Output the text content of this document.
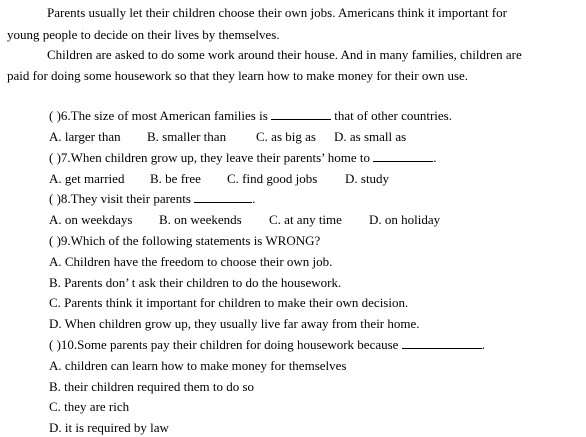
Parents usually let their children choose their own jobs. Americans think it important for
young people to decide on their lives by themselves.
Children are asked to do some work around their house. And in many families, children are
paid for doing some housework so that they learn how to make money for their own use.
( )6.The size of most American families is	that of other countries.
A. larger than B. smaller than C. as big as D. as small as
( )7.When children grow up, they leave their parents’ home to	.
A. get married B. be free C. find good jobs D. study
( )8.They visit their parents	.
A. on weekdays B. on weekends C. at any time D. on holiday
( )9.Which of the following statements is WRONG?
A. Children have the freedom to choose their own job.
B. Parents don’ t ask their children to do the housework.
C. Parents think it important for children to make their own decision.
D. When children grow up, they usually live far away from their home.
( )10.Some parents pay their children for doing housework because	.
A. children can learn how to make money for themselves
B. their children required them to do so
C. they are rich
D. it is required by law
